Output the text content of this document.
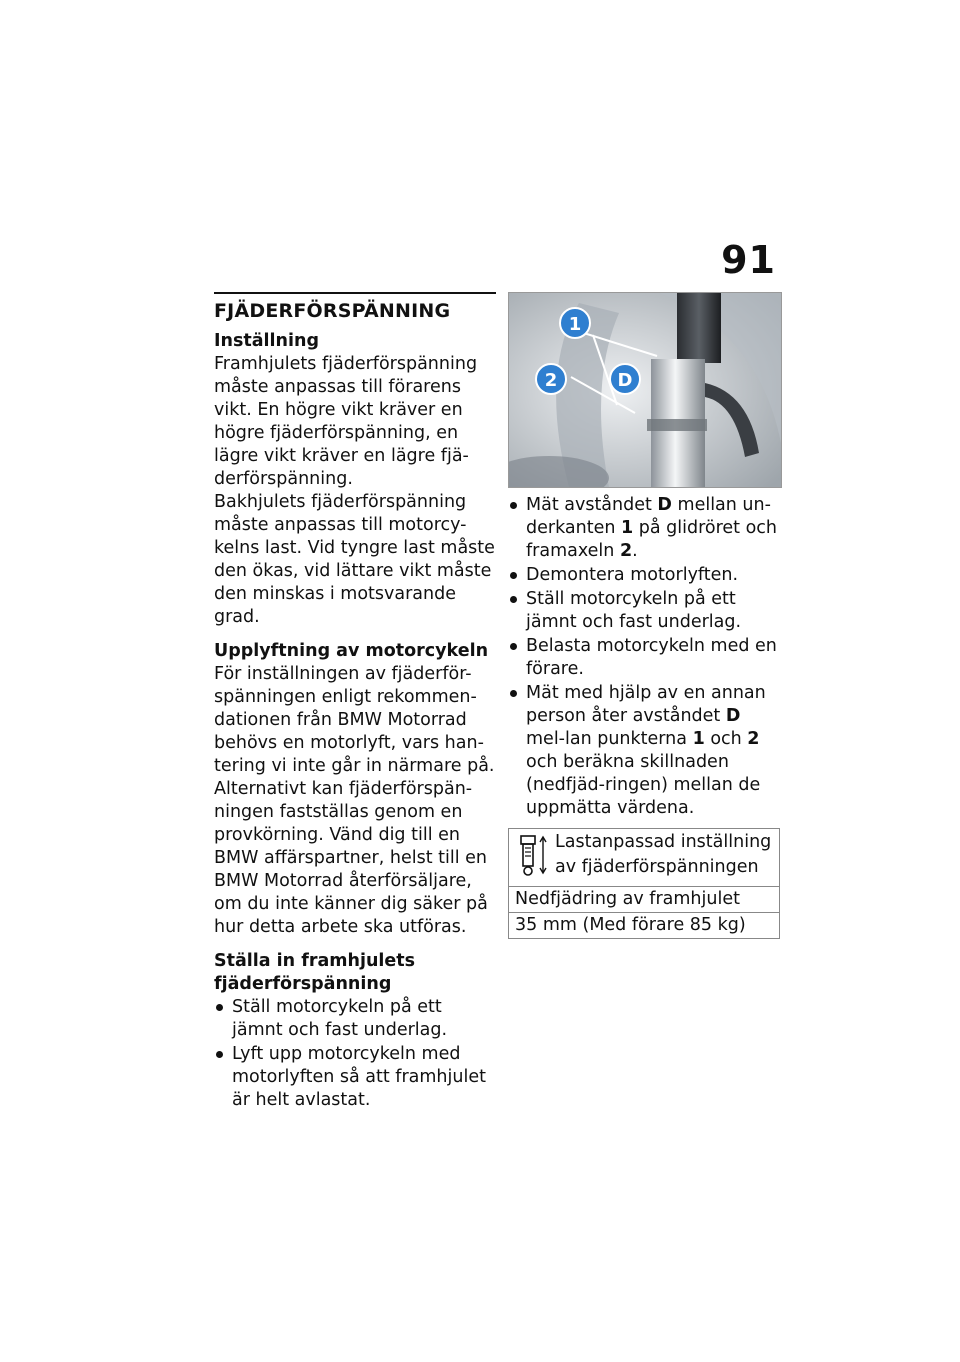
91
FJÄDERFÖRSPÄNNING
Inställning

Framhjulets fjäderförspänning måste anpassas till förarens vikt. En högre vikt kräver en högre fjäderförspänning, en lägre vikt kräver en lägre fjä-derförspänning.

Bakhjulets fjäderförspänning måste anpassas till motorcy-kelns last. Vid tyngre last måste den ökas, vid lättare vikt måste den minskas i motsvarande grad.

Upplyftning av motorcykeln

För inställningen av fjäderför-spänningen enligt rekommen-dationen från BMW Motorrad behövs en motorlyft, vars han-tering vi inte går in närmare på.

Alternativt kan fjäderförspän-ningen fastställas genom en provkörning. Vänd dig till en BMW affärspartner, helst till en BMW Motorrad återförsäljare, om du inte känner dig säker på hur detta arbete ska utföras.

Ställa in framhjulets fjäderförspänning
Ställ motorcykeln på ett jämnt och fast underlag.
Lyft upp motorcykeln med motorlyften så att framhjulet är helt avlastat.
1
2	D
Mät avståndet D mellan un-derkanten 1 på glidröret och framaxeln 2.
Demontera motorlyften.
Ställ motorcykeln på ett jämnt och fast underlag.
Belasta motorcykeln med en förare.
Mät med hjälp av en annan person åter avståndet D mel-lan punkterna 1 och 2 och beräkna skillnaden (nedfjäd-ringen) mellan de uppmätta värdena.
Lastanpassad inställning av fjäderförspänningen

Nedfjädring av framhjulet
35 mm (Med förare 85 kg)
